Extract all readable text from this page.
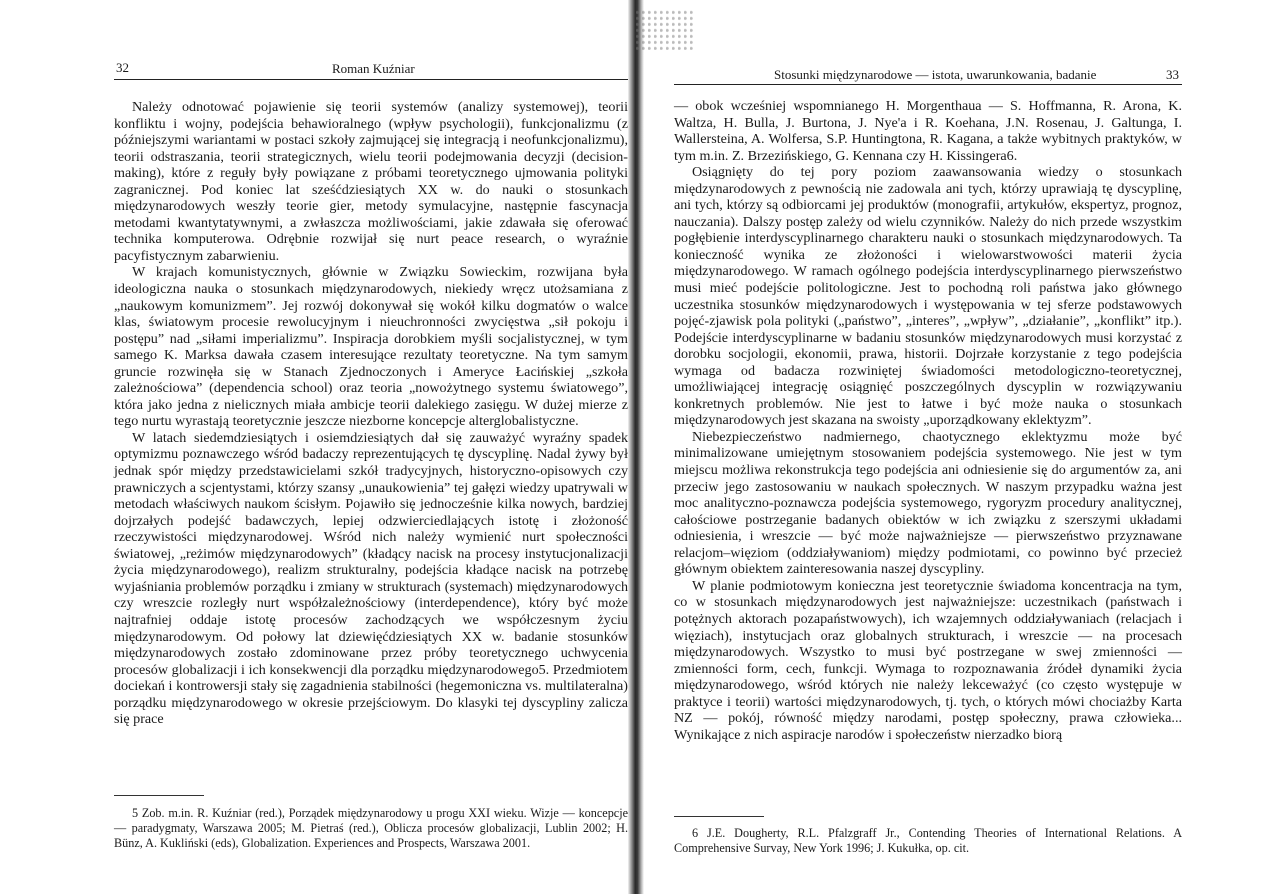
32	Roman Kuźniar

Należy odnotować pojawienie się teorii systemów (analizy systemowej), teorii konfliktu i wojny, podejścia behawioralnego (wpływ psychologii), funkcjonalizmu (z późniejszymi wariantami w postaci szkoły zajmującej się integracją i neofunkcjonalizmu), teorii odstraszania, teorii strategicznych, wielu teorii podejmowania decyzji (decision-making), które z reguły były powiązane z próbami teoretycznego ujmowania polityki zagranicznej. Pod koniec lat sześćdziesiątych XX w. do nauki o stosunkach międzynarodowych weszły teorie gier, metody symulacyjne, następnie fascynacja metodami kwantytatywnymi, a zwłaszcza możliwościami, jakie zdawała się oferować technika komputerowa. Odrębnie rozwijał się nurt peace research, o wyraźnie pacyfistycznym zabarwieniu.

W krajach komunistycznych, głównie w Związku Sowieckim, rozwijana była ideologiczna nauka o stosunkach międzynarodowych, niekiedy wręcz utożsamiana z „naukowym komunizmem”. Jej rozwój dokonywał się wokół kilku dogmatów o walce klas, światowym procesie rewolucyjnym i nieuchronności zwycięstwa „sił pokoju i postępu” nad „siłami imperializmu”. Inspiracja dorobkiem myśli socjalistycznej, w tym samego K. Marksa dawała czasem interesujące rezultaty teoretyczne. Na tym samym gruncie rozwinęła się w Stanach Zjednoczonych i Ameryce Łacińskiej „szkoła zależnościowa” (dependencia school) oraz teoria „nowożytnego systemu światowego”, która jako jedna z nielicznych miała ambicje teorii dalekiego zasięgu. W dużej mierze z tego nurtu wyrastają teoretycznie jeszcze niezborne koncepcje alterglobalistyczne.

W latach siedemdziesiątych i osiemdziesiątych dał się zauważyć wyraźny spadek optymizmu poznawczego wśród badaczy reprezentujących tę dyscyplinę. Nadal żywy był jednak spór między przedstawicielami szkół tradycyjnych, historyczno-opisowych czy prawniczych a scjentystami, którzy szansy „unaukowienia” tej gałęzi wiedzy upatrywali w metodach właściwych naukom ścisłym. Pojawiło się jednocześnie kilka nowych, bardziej dojrzałych podejść badawczych, lepiej odzwierciedlających istotę i złożoność rzeczywistości międzynarodowej. Wśród nich należy wymienić nurt społeczności światowej, „reżimów międzynarodowych” (kładący nacisk na procesy instytucjonalizacji życia międzynarodowego), realizm strukturalny, podejścia kładące nacisk na potrzebę wyjaśniania problemów porządku i zmiany w strukturach (systemach) międzynarodowych czy wreszcie rozległy nurt współzależnościowy (interdependence), który być może najtrafniej oddaje istotę procesów zachodzących we współczesnym życiu międzynarodowym. Od połowy lat dziewięćdziesiątych XX w. badanie stosunków międzynarodowych zostało zdominowane przez próby teoretycznego uchwycenia procesów globalizacji i ich konsekwencji dla porządku międzynarodowego5. Przedmiotem dociekań i kontrowersji stały się zagadnienia stabilności (hegemoniczna vs. multilateralna) porządku międzynarodowego w okresie przejściowym. Do klasyki tej dyscypliny zalicza się prace

5 Zob. m.in. R. Kuźniar (red.), Porządek międzynarodowy u progu XXI wieku. Wizje — koncepcje — paradygmaty, Warszawa 2005; M. Pietraś (red.), Oblicza procesów globalizacji, Lublin 2002; H. Bünz, A. Kukliński (eds), Globalization. Experiences and Prospects, Warszawa 2001.

Stosunki międzynarodowe — istota, uwarunkowania, badanie	33

— obok wcześniej wspomnianego H. Morgenthaua — S. Hoffmanna, R. Arona, K. Waltza, H. Bulla, J. Burtona, J. Nye'a i R. Koehana, J.N. Rosenau, J. Galtunga, I. Wallersteina, A. Wolfersa, S.P. Huntingtona, R. Kagana, a także wybitnych praktyków, w tym m.in. Z. Brzezińskiego, G. Kennana czy H. Kissingera6.

Osiągnięty do tej pory poziom zaawansowania wiedzy o stosunkach międzynarodowych z pewnością nie zadowala ani tych, którzy uprawiają tę dyscyplinę, ani tych, którzy są odbiorcami jej produktów (monografii, artykułów, ekspertyz, prognoz, nauczania). Dalszy postęp zależy od wielu czynników. Należy do nich przede wszystkim pogłębienie interdyscyplinarnego charakteru nauki o stosunkach międzynarodowych. Ta konieczność wynika ze złożoności i wielowarstwowości materii życia międzynarodowego. W ramach ogólnego podejścia interdyscyplinarnego pierwszeństwo musi mieć podejście politologiczne. Jest to pochodną roli państwa jako głównego uczestnika stosunków międzynarodowych i występowania w tej sferze podstawowych pojęć-zjawisk pola polityki („państwo”, „interes”, „wpływ”, „działanie”, „konflikt” itp.). Podejście interdyscyplinarne w badaniu stosunków międzynarodowych musi korzystać z dorobku socjologii, ekonomii, prawa, historii. Dojrzałe korzystanie z tego podejścia wymaga od badacza rozwiniętej świadomości metodologiczno-teoretycznej, umożliwiającej integrację osiągnięć poszczególnych dyscyplin w rozwiązywaniu konkretnych problemów. Nie jest to łatwe i być może nauka o stosunkach międzynarodowych jest skazana na swoisty „uporządkowany eklektyzm”.

Niebezpieczeństwo nadmiernego, chaotycznego eklektyzmu może być minimalizowane umiejętnym stosowaniem podejścia systemowego. Nie jest w tym miejscu możliwa rekonstrukcja tego podejścia ani odniesienie się do argumentów za, ani przeciw jego zastosowaniu w naukach społecznych. W naszym przypadku ważna jest moc analityczno-poznawcza podejścia systemowego, rygoryzm procedury analitycznej, całościowe postrzeganie badanych obiektów w ich związku z szerszymi układami odniesienia, i wreszcie — być może najważniejsze — pierwszeństwo przyznawane relacjom–więziom (oddziaływaniom) między podmiotami, co powinno być przecież głównym obiektem zainteresowania naszej dyscypliny.

W planie podmiotowym konieczna jest teoretycznie świadoma koncentracja na tym, co w stosunkach międzynarodowych jest najważniejsze: uczestnikach (państwach i potężnych aktorach pozapaństwowych), ich wzajemnych oddziaływaniach (relacjach i więziach), instytucjach oraz globalnych strukturach, i wreszcie — na procesach międzynarodowych. Wszystko to musi być postrzegane w swej zmienności — zmienności form, cech, funkcji. Wymaga to rozpoznawania źródeł dynamiki życia międzynarodowego, wśród których nie należy lekceważyć (co często występuje w praktyce i teorii) wartości międzynarodowych, tj. tych, o których mówi chociażby Karta NZ — pokój, równość między narodami, postęp społeczny, prawa człowieka... Wynikające z nich aspiracje narodów i społeczeństw nierzadko biorą

6 J.E. Dougherty, R.L. Pfalzgraff Jr., Contending Theories of International Relations. A Comprehensive Survay, New York 1996; J. Kukułka, op. cit.
